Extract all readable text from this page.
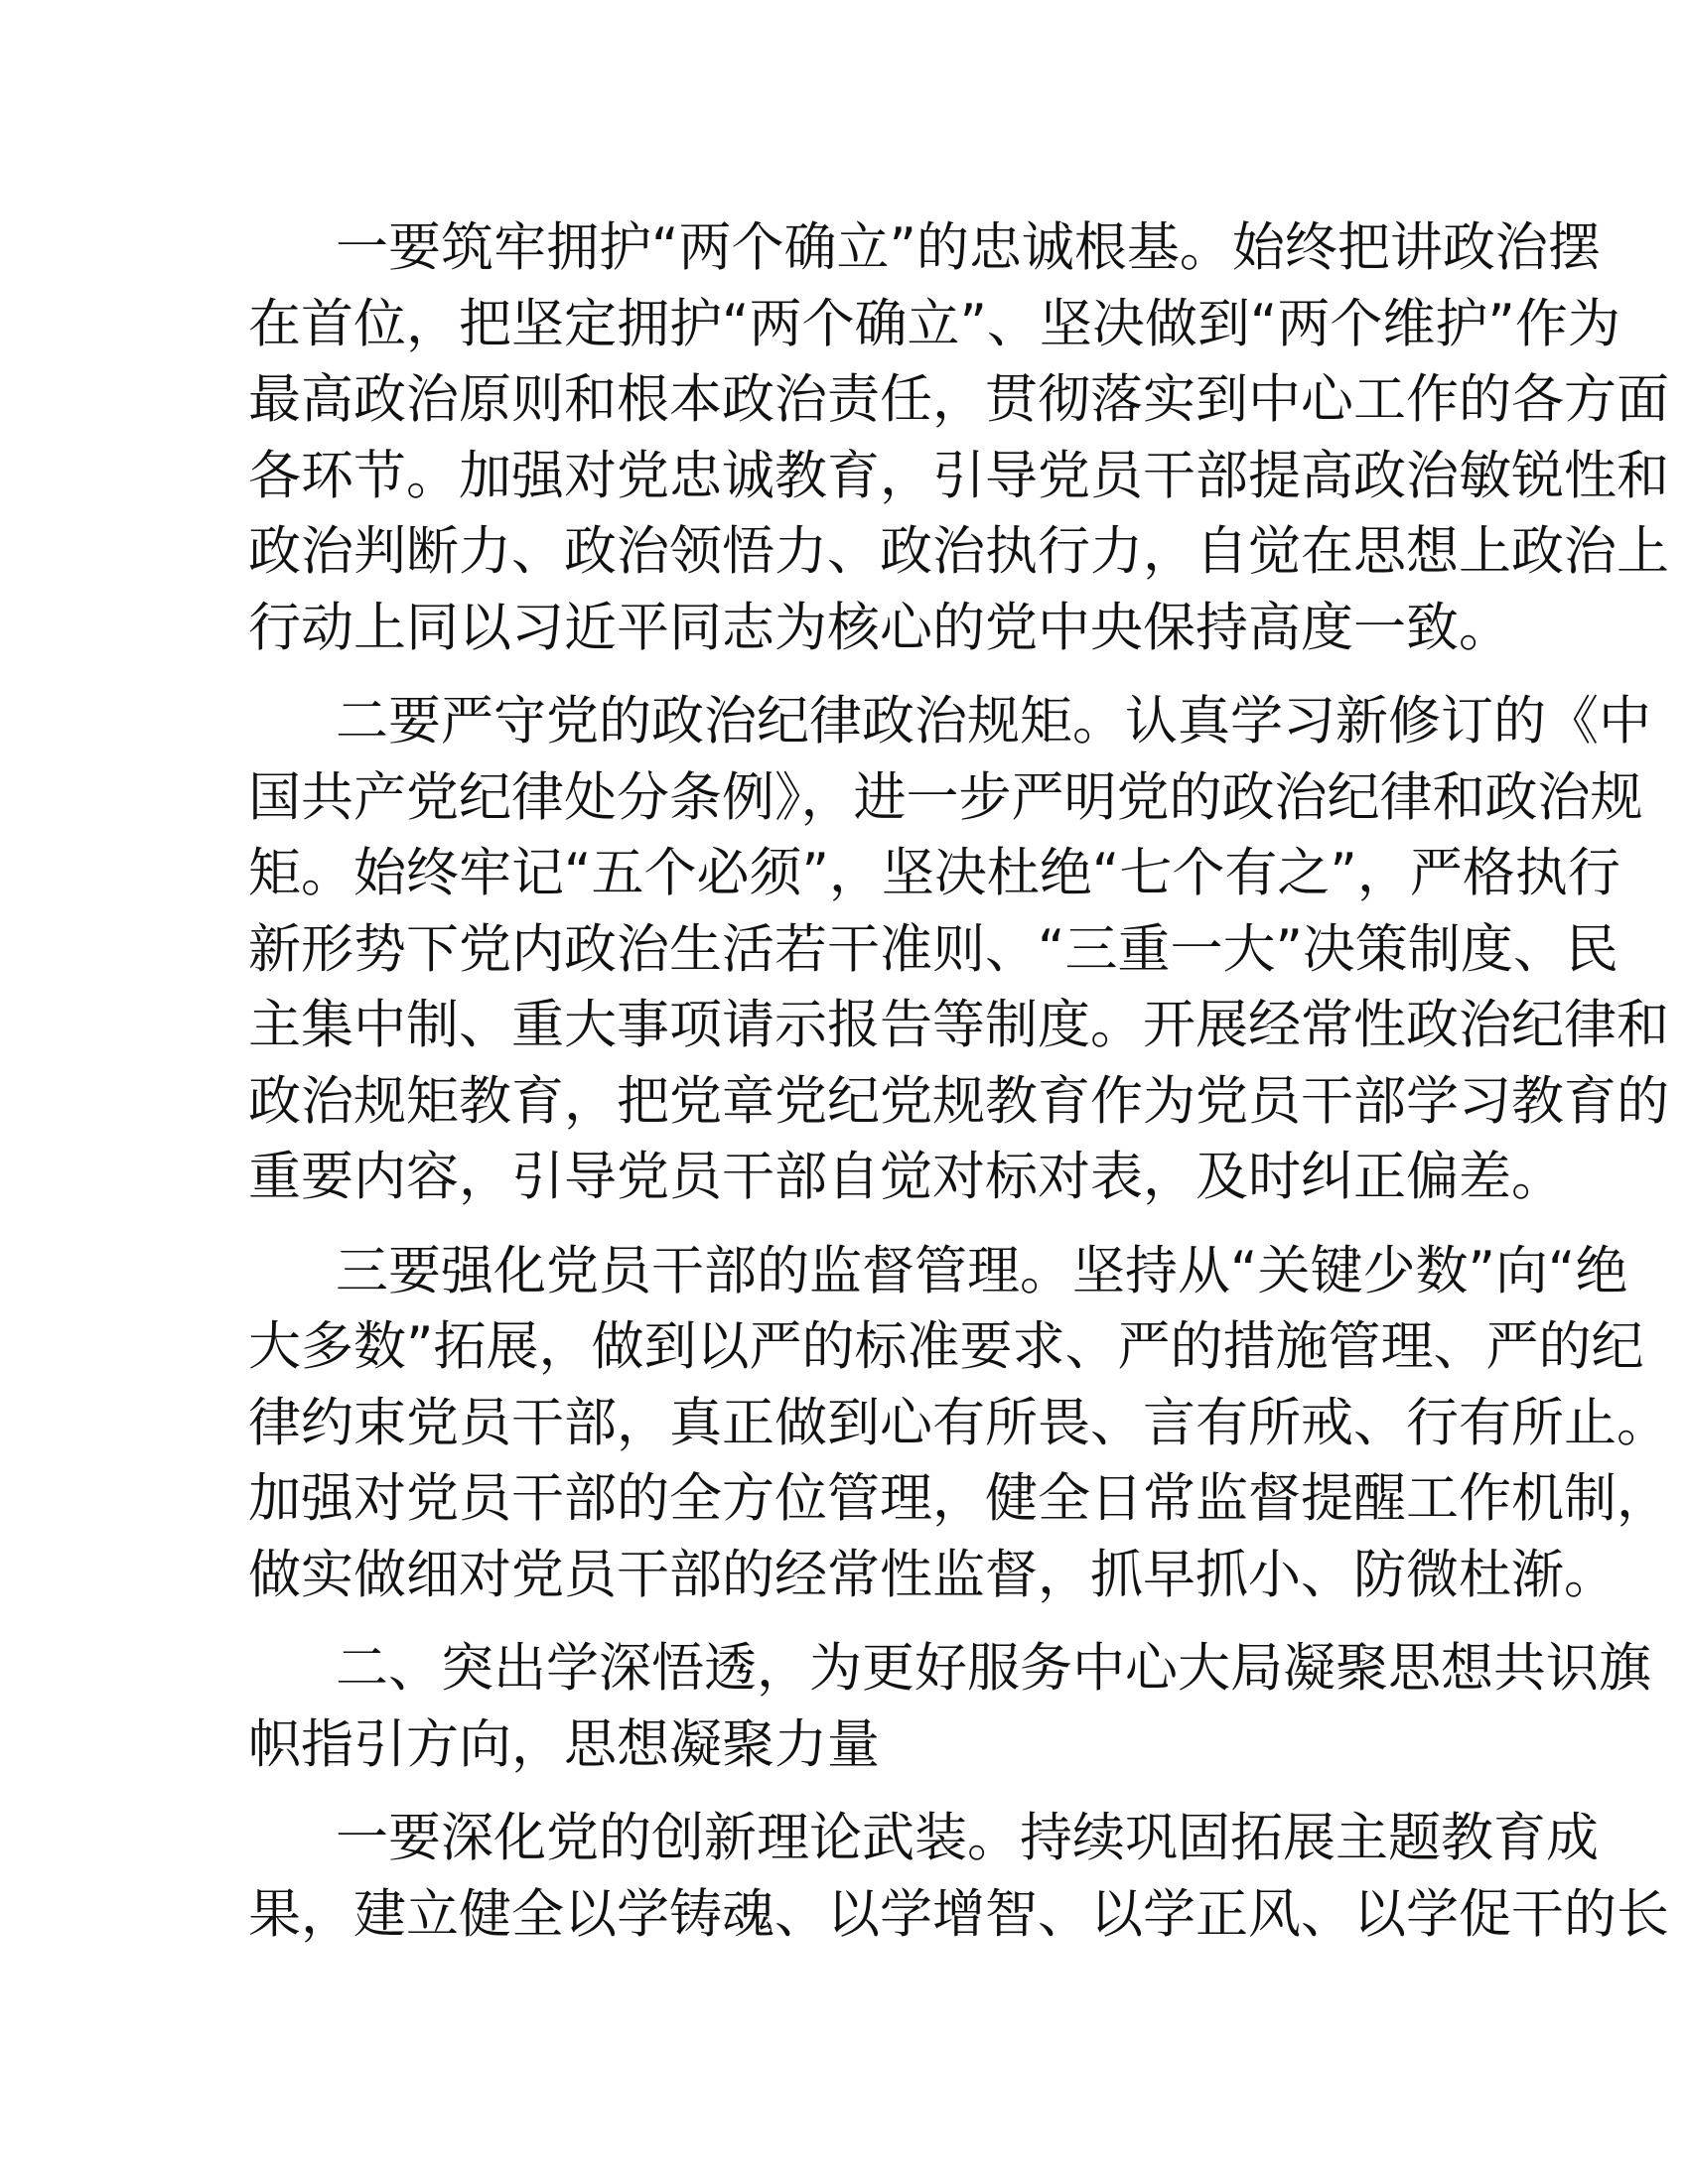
一要筑牢拥护“两个确立”的忠诚根基。始终把讲政治摆
在首位，把坚定拥护“两个确立”、坚决做到“两个维护”作为
最高政治原则和根本政治责任，贯彻落实到中心工作的各方面
各环节。加强对党忠诚教育，引导党员干部提高政治敏锐性和
政治判断力、政治领悟力、政治执行力，自觉在思想上政治上
行动上同以习近平同志为核心的党中央保持高度一致。
二要严守党的政治纪律政治规矩。认真学习新修订的《中
国共产党纪律处分条例》，进一步严明党的政治纪律和政治规
矩。始终牢记“五个必须”，坚决杜绝“七个有之”，严格执行
新形势下党内政治生活若干准则、“三重一大”决策制度、民
主集中制、重大事项请示报告等制度。开展经常性政治纪律和
政治规矩教育，把党章党纪党规教育作为党员干部学习教育的
重要内容，引导党员干部自觉对标对表，及时纠正偏差。
三要强化党员干部的监督管理。坚持从“关键少数”向“绝
大多数”拓展，做到以严的标准要求、严的措施管理、严的纪
律约束党员干部，真正做到心有所畏、言有所戒、行有所止。
加强对党员干部的全方位管理，健全日常监督提醒工作机制，
做实做细对党员干部的经常性监督，抓早抓小、防微杜渐。
二、突出学深悟透，为更好服务中心大局凝聚思想共识旗
帜指引方向，思想凝聚力量
一要深化党的创新理论武装。持续巩固拓展主题教育成
果，建立健全以学铸魂、以学增智、以学正风、以学促干的长
